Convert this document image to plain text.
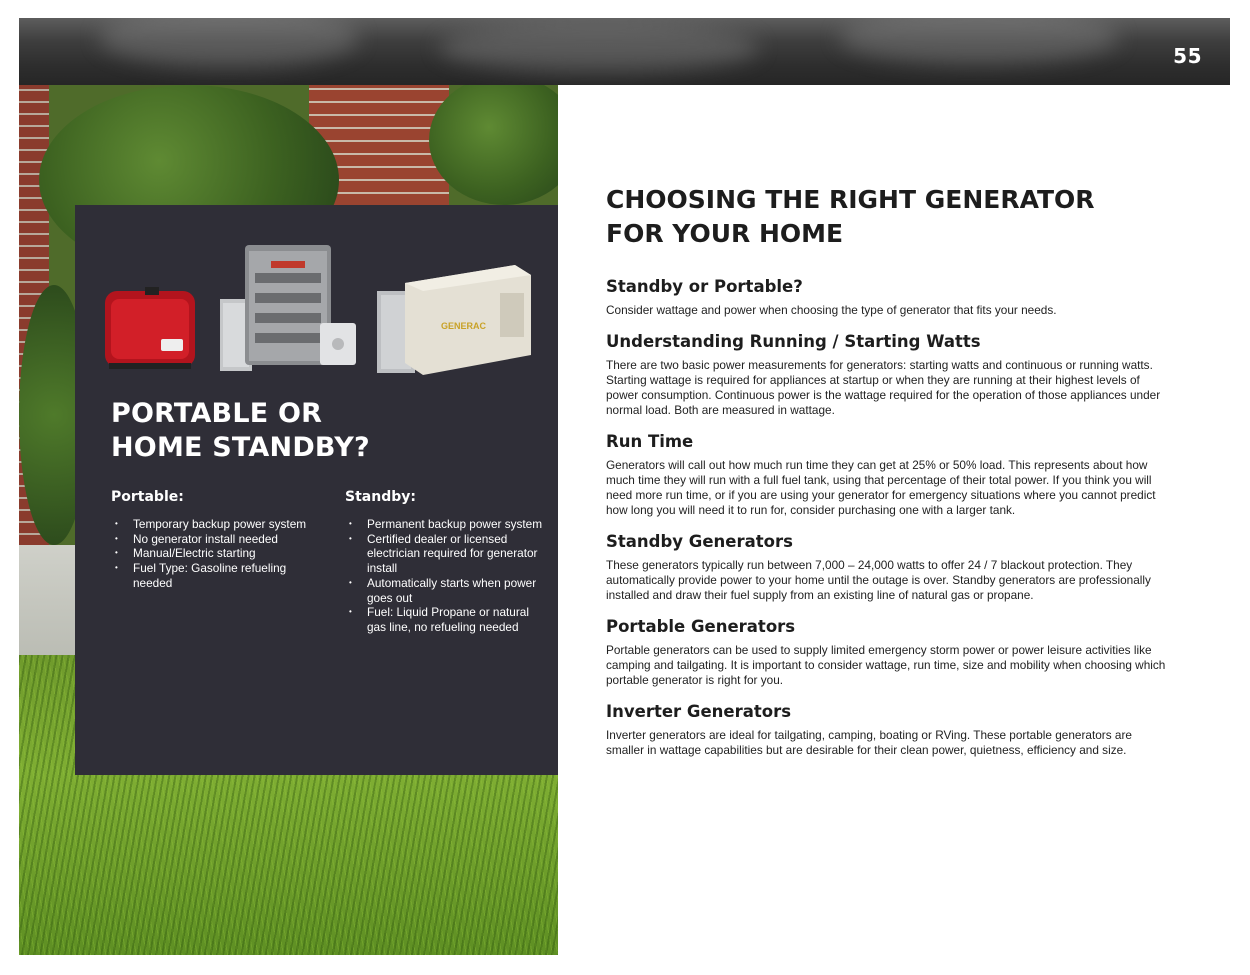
55
GENERAC
PORTABLE OR
HOME STANDBY?
Portable:
• Temporary backup power system
• No generator install needed
• Manual/Electric starting
• Fuel Type: Gasoline refueling needed
Standby:
• Permanent backup power system
• Certified dealer or licensed electrician required for generator install
• Automatically starts when power goes out
• Fuel: Liquid Propane or natural gas line, no refueling needed
CHOOSING THE RIGHT GENERATOR
FOR YOUR HOME
Standby or Portable?

Consider wattage and power when choosing the type of generator that fits your needs.

Understanding Running / Starting Watts

There are two basic power measurements for generators: starting watts and continuous or running watts. Starting wattage is required for appliances at startup or when they are running at their highest levels of power consumption. Continuous power is the wattage required for the operation of those appliances under normal load. Both are measured in wattage.

Run Time

Generators will call out how much run time they can get at 25% or 50% load. This represents about how much time they will run with a full fuel tank, using that percentage of their total power. If you think you will need more run time, or if you are using your generator for emergency situations where you cannot predict how long you will need it to run for, consider purchasing one with a larger tank.

Standby Generators

These generators typically run between 7,000 – 24,000 watts to offer 24 / 7 blackout protection. They automatically provide power to your home until the outage is over. Standby generators are professionally installed and draw their fuel supply from an existing line of natural gas or propane.

Portable Generators

Portable generators can be used to supply limited emergency storm power or power leisure activities like camping and tailgating. It is important to consider wattage, run time, size and mobility when choosing which portable generator is right for you.

Inverter Generators

Inverter generators are ideal for tailgating, camping, boating or RVing. These portable generators are smaller in wattage capabilities but are desirable for their clean power, quietness, efficiency and size.
